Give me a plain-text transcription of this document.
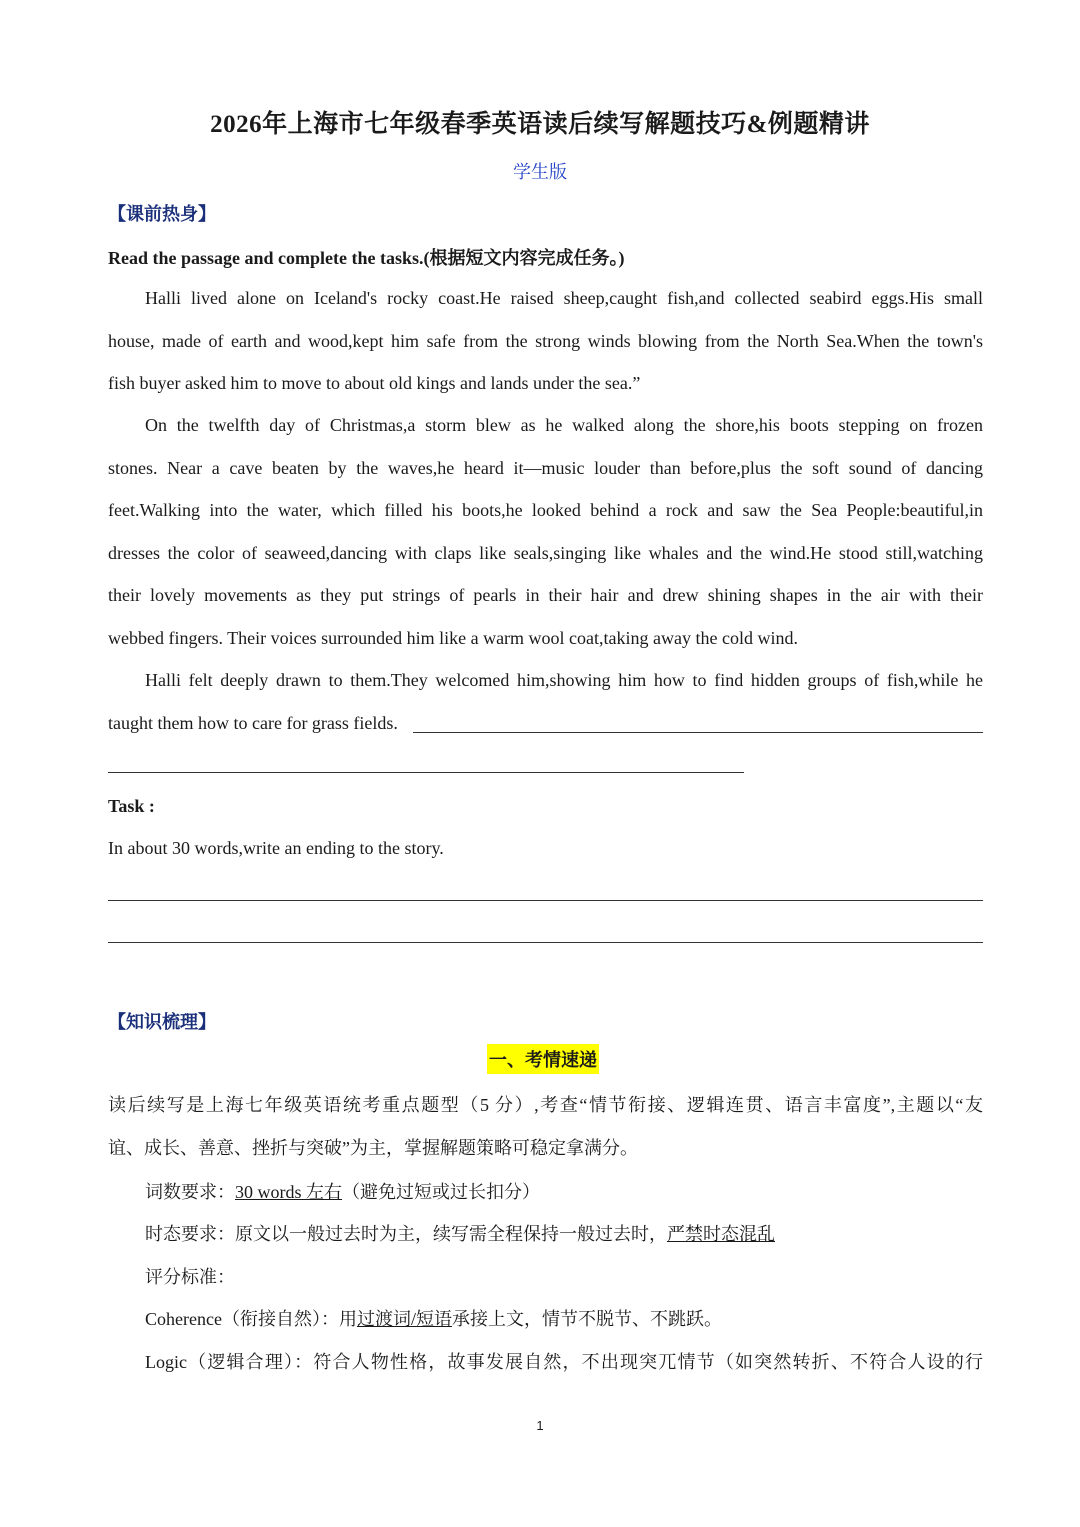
2026年上海市七年级春季英语读后续写解题技巧&例题精讲
学生版
【课前热身】
Read the passage and complete the tasks.(根据短文内容完成任务。)
Halli lived alone on Iceland's rocky coast.He raised sheep,caught fish,and collected seabird eggs.His small
house, made of earth and wood,kept him safe from the strong winds blowing from the North Sea.When the town's
fish buyer asked him to move to about old kings and lands under the sea.”
On the twelfth day of Christmas,a storm blew as he walked along the shore,his boots stepping on frozen
stones. Near a cave beaten by the waves,he heard it—music louder than before,plus the soft sound of dancing
feet.Walking into the water, which filled his boots,he looked behind a rock and saw the Sea People:beautiful,in
dresses the color of seaweed,dancing with claps like seals,singing like whales and the wind.He stood still,watching
their lovely movements as they put strings of pearls in their hair and drew shining shapes in the air with their
webbed fingers. Their voices surrounded him like a warm wool coat,taking away the cold wind.
Halli felt deeply drawn to them.They welcomed him,showing him how to find hidden groups of fish,while he
taught them how to care for grass fields.
Task :
In about 30 words,write an ending to the story.
【知识梳理】
一、考情速递
读后续写是上海七年级英语统考重点题型（5 分）,考查“情节衔接、逻辑连贯、语言丰富度”,主题以“友
谊、成长、善意、挫折与突破”为主，掌握解题策略可稳定拿满分。
词数要求：30 words 左右（避免过短或过长扣分）
时态要求：原文以一般过去时为主，续写需全程保持一般过去时，严禁时态混乱
评分标准：
Coherence（衔接自然）：用过渡词/短语承接上文，情节不脱节、不跳跃。
Logic（逻辑合理）：符合人物性格，故事发展自然，不出现突兀情节（如突然转折、不符合人设的行
1
